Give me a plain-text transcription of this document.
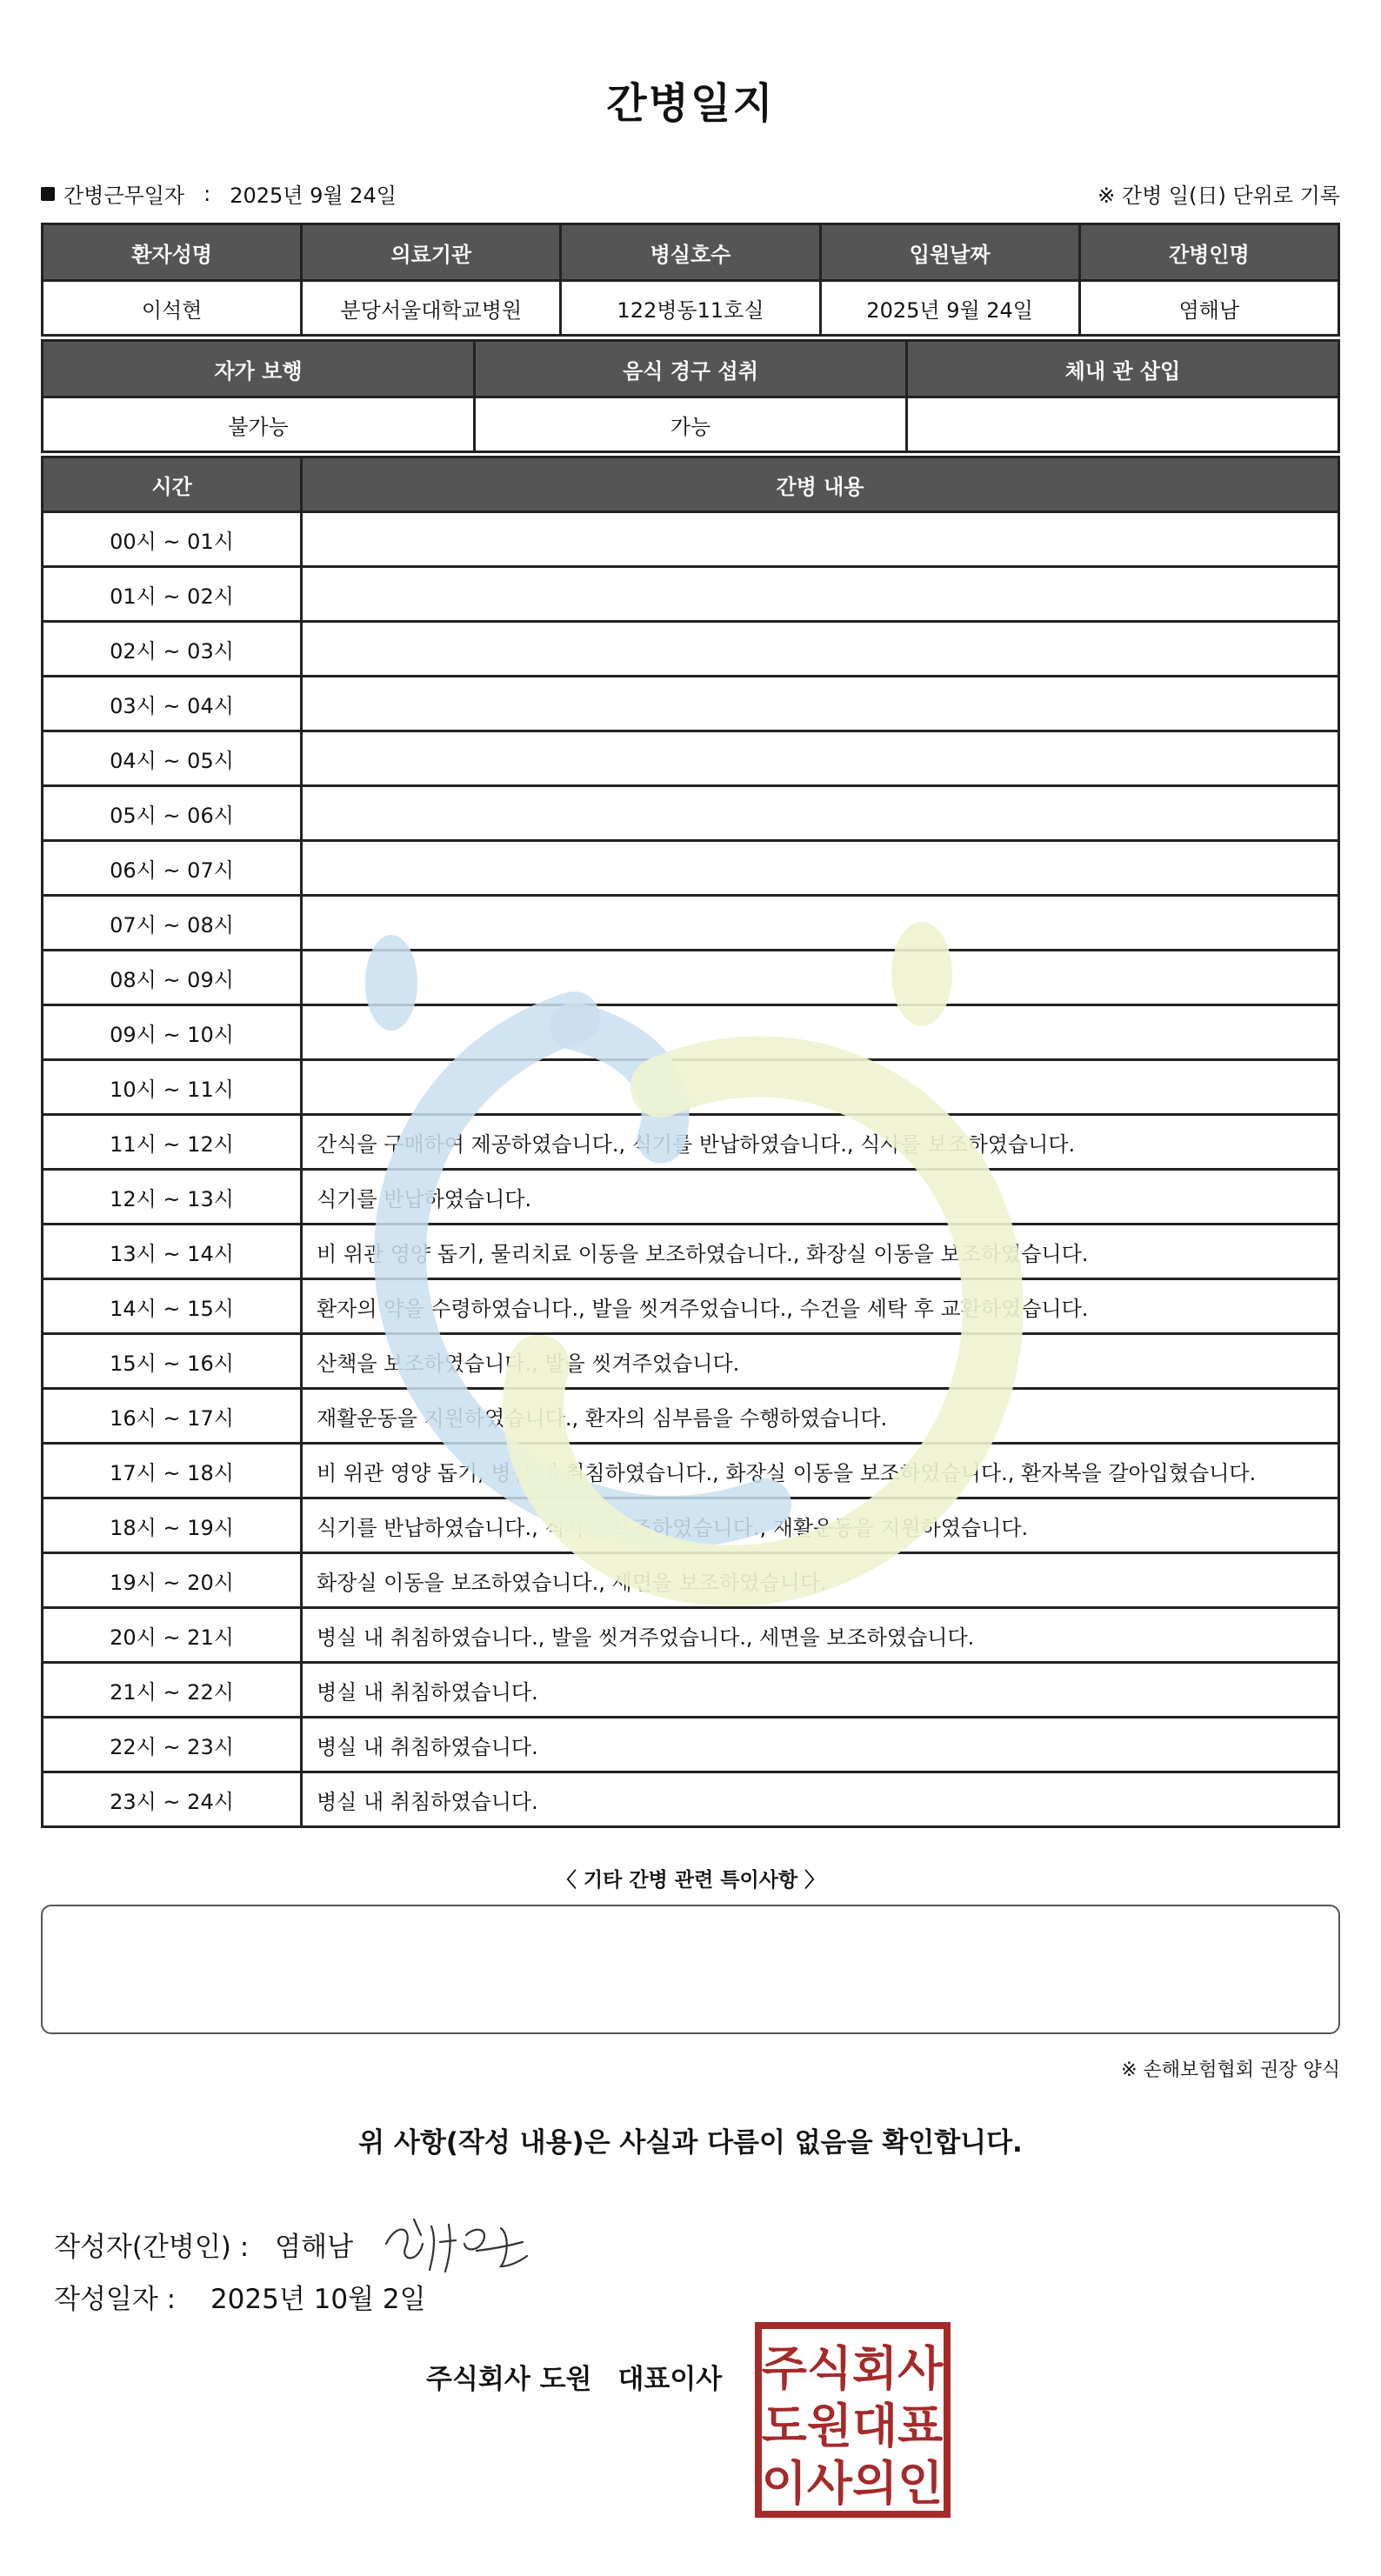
간병일지
간병근무일자 : 2025년 9월 24일	※ 간병 일(日) 단위로 기록
환자성명	의료기관	병실호수	입원날짜	간병인명
이석현	분당서울대학교병원	122병동11호실	2025년 9월 24일	염해남
자가 보행	음식 경구 섭취	체내 관 삽입
불가능	가능	
시간	간병 내용
00시 ~ 01시	
01시 ~ 02시	
02시 ~ 03시	
03시 ~ 04시	
04시 ~ 05시	
05시 ~ 06시	
06시 ~ 07시	
07시 ~ 08시	
08시 ~ 09시	
09시 ~ 10시	
10시 ~ 11시	
11시 ~ 12시	간식을 구매하여 제공하였습니다., 식기를 반납하였습니다., 식사를 보조하였습니다.
12시 ~ 13시	식기를 반납하였습니다.
13시 ~ 14시	비 위관 영양 돕기, 물리치료 이동을 보조하였습니다., 화장실 이동을 보조하였습니다.
14시 ~ 15시	환자의 약을 수령하였습니다., 발을 씻겨주었습니다., 수건을 세탁 후 교환하였습니다.
15시 ~ 16시	산책을 보조하였습니다., 발을 씻겨주었습니다.
16시 ~ 17시	재활운동을 지원하였습니다., 환자의 심부름을 수행하였습니다.
17시 ~ 18시	비 위관 영양 돕기, 병실 내 취침하였습니다., 화장실 이동을 보조하였습니다., 환자복을 갈아입혔습니다.
18시 ~ 19시	식기를 반납하였습니다., 식사를 보조하였습니다., 재활운동을 지원하였습니다.
19시 ~ 20시	화장실 이동을 보조하였습니다., 세면을 보조하였습니다.
20시 ~ 21시	병실 내 취침하였습니다., 발을 씻겨주었습니다., 세면을 보조하였습니다.
21시 ~ 22시	병실 내 취침하였습니다.
22시 ~ 23시	병실 내 취침하였습니다.
23시 ~ 24시	병실 내 취침하였습니다.
〈 기타 간병 관련 특이사항 〉
※ 손해보험협회 권장 양식
위 사항(작성 내용)은 사실과 다름이 없음을 확인합니다.
작성자(간병인) : 염해남
작성일자 : 2025년 10월 2일
주식회사 도원 대표이사 주식회사
도원대표
이사의인
